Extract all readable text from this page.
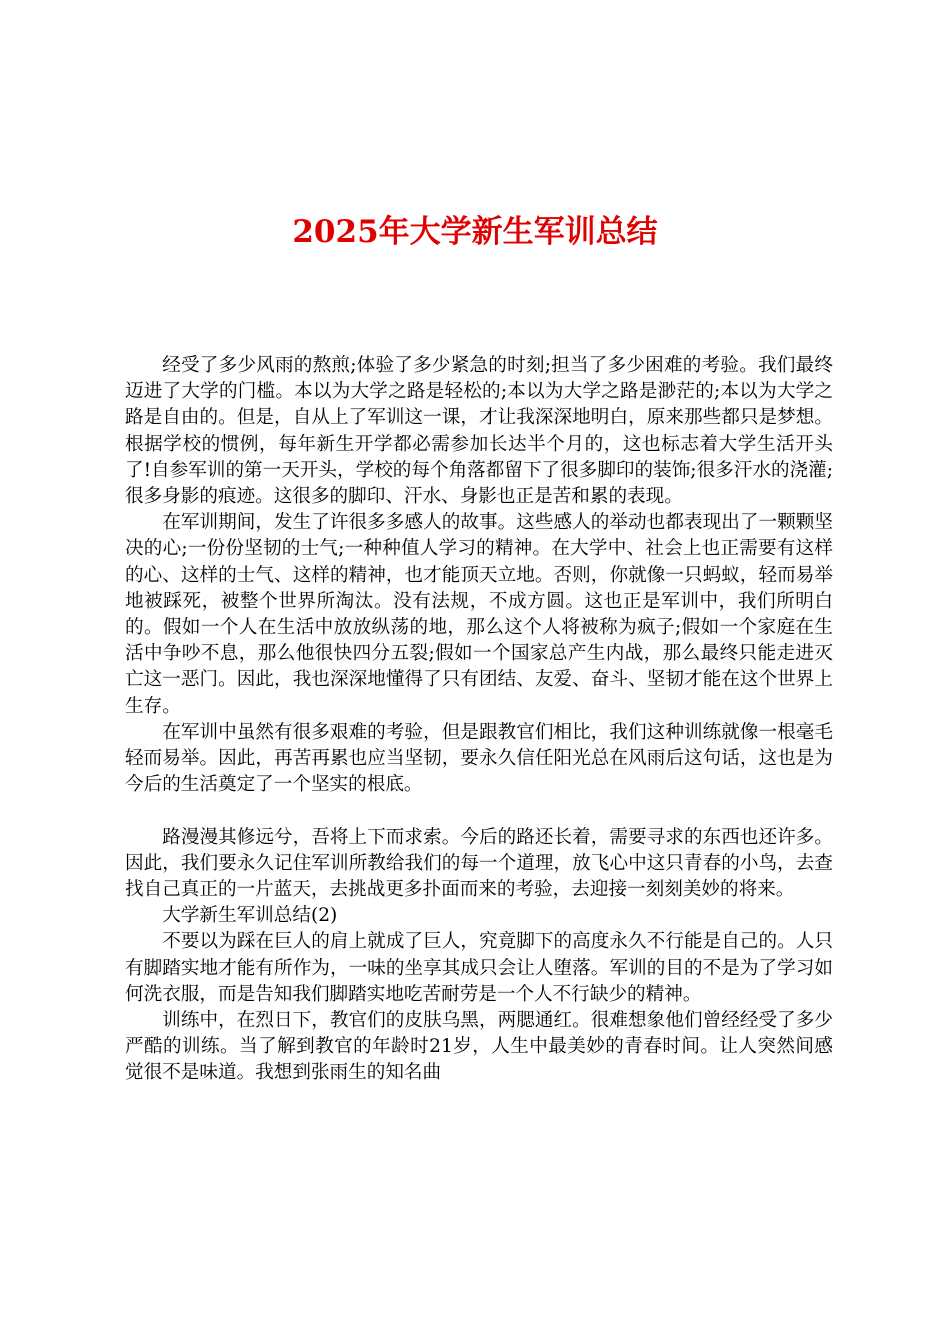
2025年大学新生军训总结

经受了多少风雨的熬煎;体验了多少紧急的时刻;担当了多少困难的考验。我们最终迈进了大学的门槛。本以为大学之路是轻松的;本以为大学之路是渺茫的;本以为大学之路是自由的。但是，自从上了军训这一课，才让我深深地明白，原来那些都只是梦想。根据学校的惯例，每年新生开学都必需参加长达半个月的，这也标志着大学生活开头了!自参军训的第一天开头，学校的每个角落都留下了很多脚印的装饰;很多汗水的浇灌;很多身影的痕迹。这很多的脚印、汗水、身影也正是苦和累的表现。

在军训期间，发生了许很多多感人的故事。这些感人的举动也都表现出了一颗颗坚决的心;一份份坚韧的士气;一种种值人学习的精神。在大学中、社会上也正需要有这样的心、这样的士气、这样的精神，也才能顶天立地。否则，你就像一只蚂蚁，轻而易举地被踩死，被整个世界所淘汰。没有法规，不成方圆。这也正是军训中，我们所明白的。假如一个人在生活中放放纵荡的地，那么这个人将被称为疯子;假如一个家庭在生活中争吵不息，那么他很快四分五裂;假如一个国家总产生内战，那么最终只能走进灭亡这一恶门。因此，我也深深地懂得了只有团结、友爱、奋斗、坚韧才能在这个世界上生存。

在军训中虽然有很多艰难的考验，但是跟教官们相比，我们这种训练就像一根毫毛轻而易举。因此，再苦再累也应当坚韧，要永久信任阳光总在风雨后这句话，这也是为今后的生活奠定了一个坚实的根底。

路漫漫其修远兮，吾将上下而求索。今后的路还长着，需要寻求的东西也还许多。因此，我们要永久记住军训所教给我们的每一个道理，放飞心中这只青春的小鸟，去查找自己真正的一片蓝天，去挑战更多扑面而来的考验，去迎接一刻刻美妙的将来。

大学新生军训总结(2)

不要以为踩在巨人的肩上就成了巨人，究竟脚下的高度永久不行能是自己的。人只有脚踏实地才能有所作为，一味的坐享其成只会让人堕落。军训的目的不是为了学习如何洗衣服，而是告知我们脚踏实地吃苦耐劳是一个人不行缺少的精神。

训练中，在烈日下，教官们的皮肤乌黑，两腮通红。很难想象他们曾经经受了多少严酷的训练。当了解到教官的年龄时21岁，人生中最美妙的青春时间。让人突然间感觉很不是味道。我想到张雨生的知名曲
